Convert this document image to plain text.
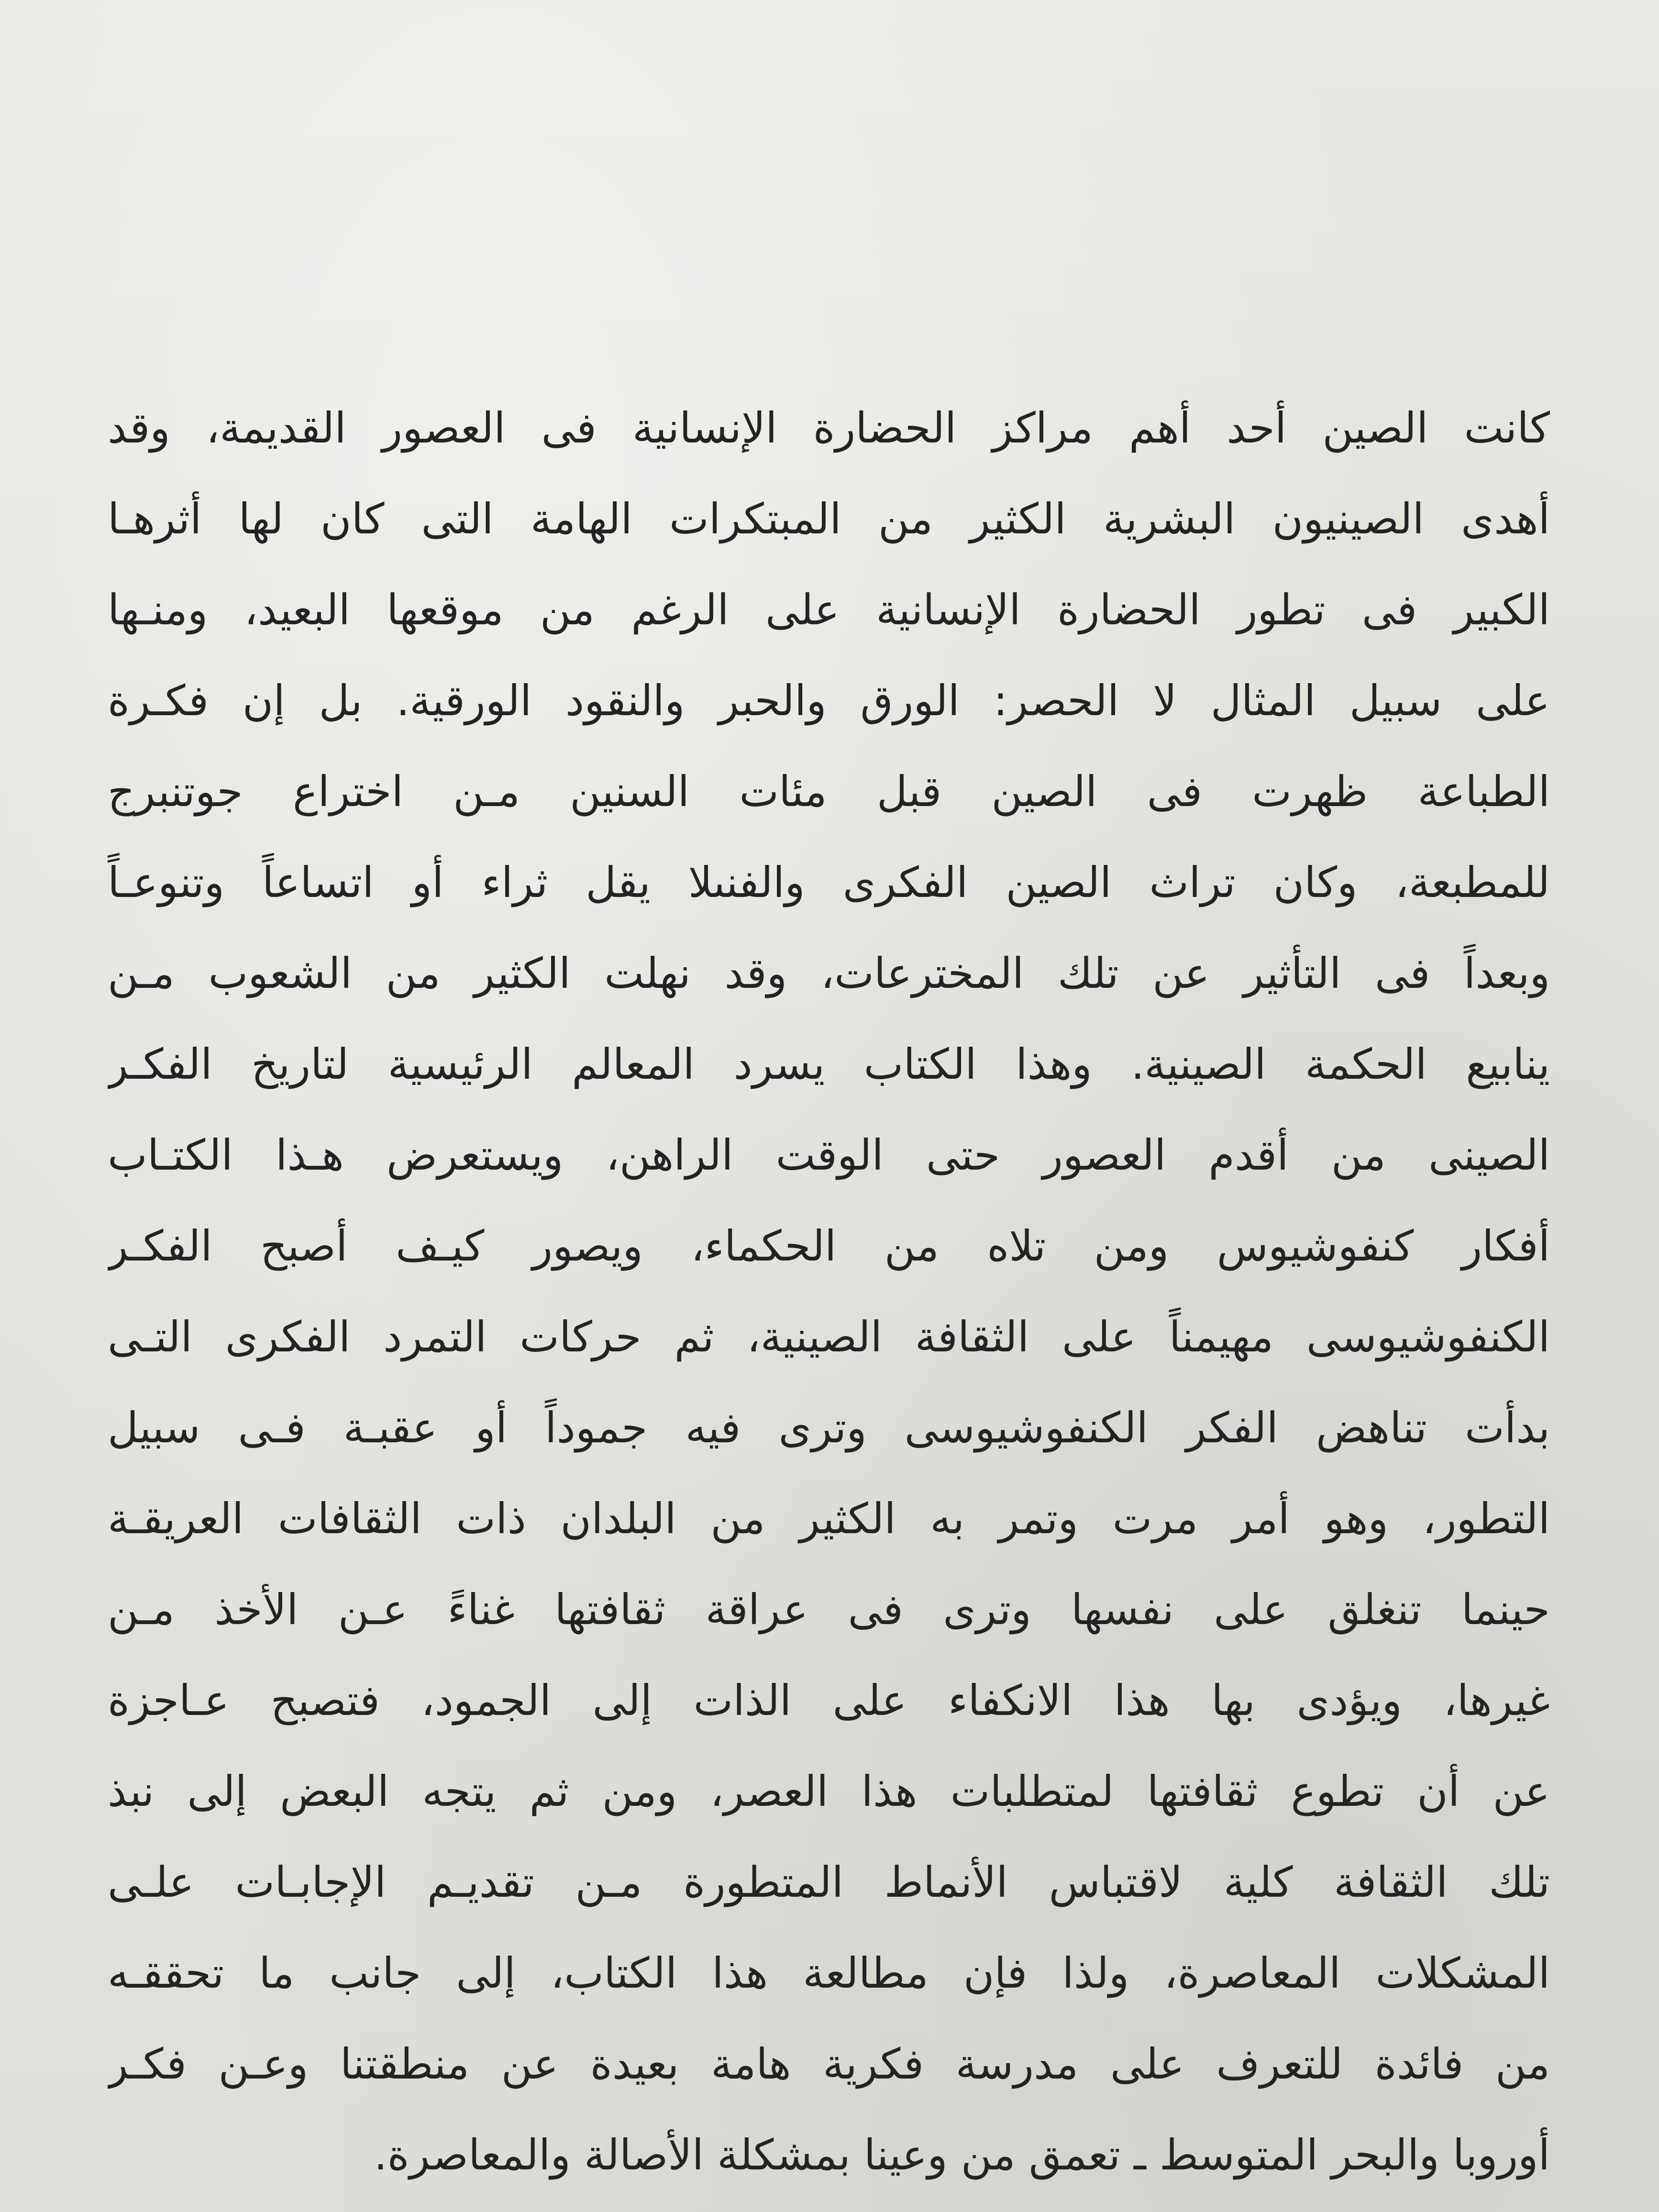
كانت الصين أحد أهم مراكز الحضارة الإنسانية فى العصور القديمة، وقد
أهدى الصينيون البشرية الكثير من المبتكرات الهامة التى كان لها أثرهـا
الكبير فى تطور الحضارة الإنسانية على الرغم من موقعها البعيد، ومنـها
على سبيل المثال لا الحصر: الورق والحبر والنقود الورقية. بل إن فكـرة
الطباعة ظهرت فى الصين قبل مئات السنين مـن اختراع جوتنبرج
للمطبعة، وكان تراث الصين الفكرى والفنىلا يقل ثراء أو اتساعاً وتنوعـاً
وبعداً فى التأثير عن تلك المخترعات، وقد نهلت الكثير من الشعوب مـن
ينابيع الحكمة الصينية. وهذا الكتاب يسرد المعالم الرئيسية لتاريخ الفكـر
الصينى من أقدم العصور حتى الوقت الراهن، ويستعرض هـذا الكتـاب
أفكار كنفوشيوس ومن تلاه من الحكماء، ويصور كيـف أصبح الفكـر
الكنفوشيوسى مهيمناً على الثقافة الصينية، ثم حركات التمرد الفكرى التـى
بدأت تناهض الفكر الكنفوشيوسى وترى فيه جموداً أو عقبـة فـى سبيل
التطور، وهو أمر مرت وتمر به الكثير من البلدان ذات الثقافات العريقـة
حينما تنغلق على نفسها وترى فى عراقة ثقافتها غناءً عـن الأخذ مـن
غيرها، ويؤدى بها هذا الانكفاء على الذات إلى الجمود، فتصبح عـاجزة
عن أن تطوع ثقافتها لمتطلبات هذا العصر، ومن ثم يتجه البعض إلى نبذ
تلك الثقافة كلية لاقتباس الأنماط المتطورة مـن تقديـم الإجابـات علـى
المشكلات المعاصرة، ولذا فإن مطالعة هذا الكتاب، إلى جانب ما تحققـه
من فائدة للتعرف على مدرسة فكرية هامة بعيدة عن منطقتنا وعـن فكـر
أوروبا والبحر المتوسط ـ تعمق من وعينا بمشكلة الأصالة والمعاصرة.
